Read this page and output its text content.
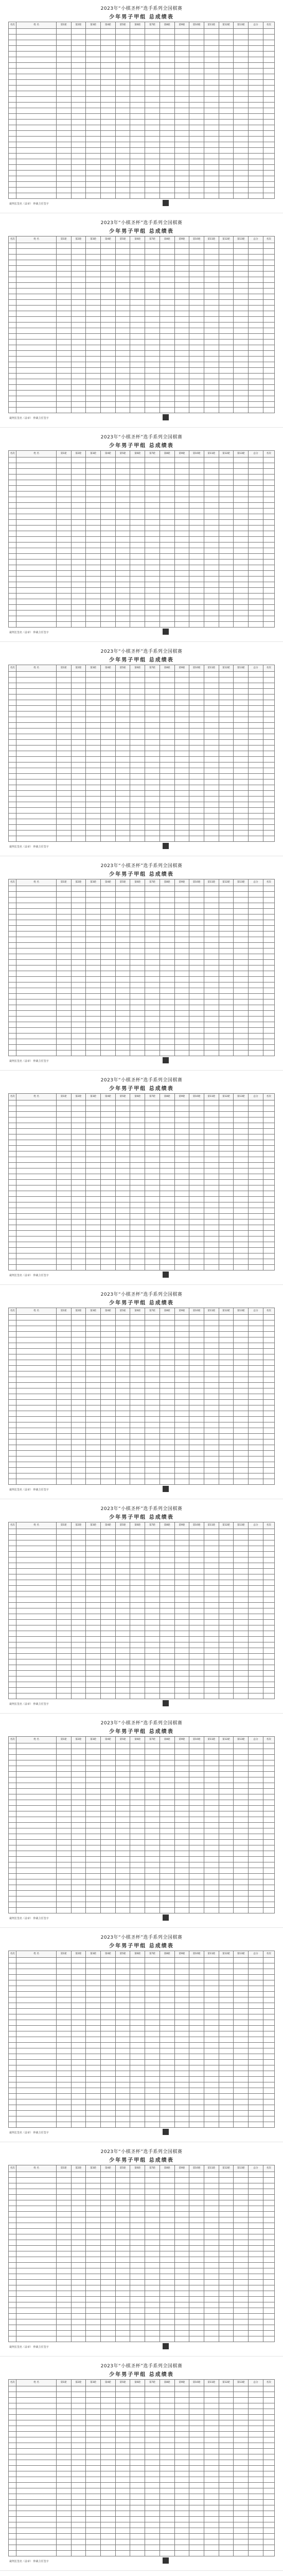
2023年“小棋圣杯”选手系列全国棋赛
少年男子甲组 总成绩表
名次	姓 名	第1轮	第2轮	第3轮	第4轮	第5轮	第6轮	第7轮	第8轮	第9轮	第10轮	第11轮	第12轮	第13轮	总分	名次

裁判长签名（盖章） 仲裁主任签字
2023年“小棋圣杯”选手系列全国棋赛
少年男子甲组 总成绩表
名次	姓 名	第1轮	第2轮	第3轮	第4轮	第5轮	第6轮	第7轮	第8轮	第9轮	第10轮	第11轮	第12轮	第13轮	总分	名次

裁判长签名（盖章） 仲裁主任签字
2023年“小棋圣杯”选手系列全国棋赛
少年男子甲组 总成绩表
名次	姓 名	第1轮	第2轮	第3轮	第4轮	第5轮	第6轮	第7轮	第8轮	第9轮	第10轮	第11轮	第12轮	第13轮	总分	名次

裁判长签名（盖章） 仲裁主任签字
2023年“小棋圣杯”选手系列全国棋赛
少年男子甲组 总成绩表
名次	姓 名	第1轮	第2轮	第3轮	第4轮	第5轮	第6轮	第7轮	第8轮	第9轮	第10轮	第11轮	第12轮	第13轮	总分	名次

裁判长签名（盖章） 仲裁主任签字
2023年“小棋圣杯”选手系列全国棋赛
少年男子甲组 总成绩表
名次	姓 名	第1轮	第2轮	第3轮	第4轮	第5轮	第6轮	第7轮	第8轮	第9轮	第10轮	第11轮	第12轮	第13轮	总分	名次

裁判长签名（盖章） 仲裁主任签字
2023年“小棋圣杯”选手系列全国棋赛
少年男子甲组 总成绩表
名次	姓 名	第1轮	第2轮	第3轮	第4轮	第5轮	第6轮	第7轮	第8轮	第9轮	第10轮	第11轮	第12轮	第13轮	总分	名次

裁判长签名（盖章） 仲裁主任签字
2023年“小棋圣杯”选手系列全国棋赛
少年男子甲组 总成绩表
名次	姓 名	第1轮	第2轮	第3轮	第4轮	第5轮	第6轮	第7轮	第8轮	第9轮	第10轮	第11轮	第12轮	第13轮	总分	名次

裁判长签名（盖章） 仲裁主任签字
2023年“小棋圣杯”选手系列全国棋赛
少年男子甲组 总成绩表
名次	姓 名	第1轮	第2轮	第3轮	第4轮	第5轮	第6轮	第7轮	第8轮	第9轮	第10轮	第11轮	第12轮	第13轮	总分	名次

裁判长签名（盖章） 仲裁主任签字
2023年“小棋圣杯”选手系列全国棋赛
少年男子甲组 总成绩表
名次	姓 名	第1轮	第2轮	第3轮	第4轮	第5轮	第6轮	第7轮	第8轮	第9轮	第10轮	第11轮	第12轮	第13轮	总分	名次

裁判长签名（盖章） 仲裁主任签字
2023年“小棋圣杯”选手系列全国棋赛
少年男子甲组 总成绩表
名次	姓 名	第1轮	第2轮	第3轮	第4轮	第5轮	第6轮	第7轮	第8轮	第9轮	第10轮	第11轮	第12轮	第13轮	总分	名次

裁判长签名（盖章） 仲裁主任签字
2023年“小棋圣杯”选手系列全国棋赛
少年男子甲组 总成绩表
名次	姓 名	第1轮	第2轮	第3轮	第4轮	第5轮	第6轮	第7轮	第8轮	第9轮	第10轮	第11轮	第12轮	第13轮	总分	名次

裁判长签名（盖章） 仲裁主任签字
2023年“小棋圣杯”选手系列全国棋赛
少年男子甲组 总成绩表
名次	姓 名	第1轮	第2轮	第3轮	第4轮	第5轮	第6轮	第7轮	第8轮	第9轮	第10轮	第11轮	第12轮	第13轮	总分	名次

裁判长签名（盖章） 仲裁主任签字
